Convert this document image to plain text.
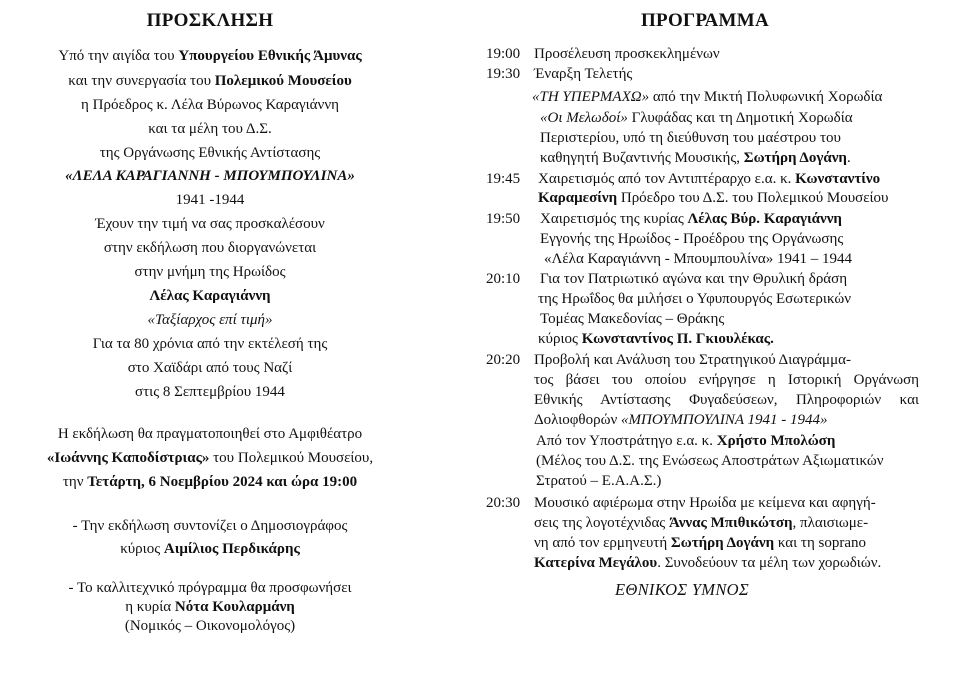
ΠΡΟΣΚΛΗΣΗ
Υπό την αιγίδα του Υπουργείου Εθνικής Άμυνας
και την συνεργασία του Πολεμικού Μουσείου
η Πρόεδρος κ. Λέλα Βύρωνος Καραγιάννη
και τα μέλη του Δ.Σ.
της Οργάνωσης Εθνικής Αντίστασης
«ΛΕΛΑ ΚΑΡΑΓΙΑΝΝΗ - ΜΠΟΥΜΠΟΥΛΙΝΑ»
1941 -1944
Έχουν την τιμή να σας προσκαλέσουν
στην εκδήλωση που διοργανώνεται
στην μνήμη της Ηρωίδος
Λέλας Καραγιάννη
«Ταξίαρχος επί τιμή»
Για τα 80 χρόνια από την εκτέλεσή της
στο Χαϊδάρι από τους Ναζί
στις 8 Σεπτεμβρίου 1944
Η εκδήλωση θα πραγματοποιηθεί στο Αμφιθέατρο
«Ιωάννης Καποδίστριας» του Πολεμικού Μουσείου,
την Τετάρτη, 6 Νοεμβρίου 2024 και ώρα 19:00
- Την εκδήλωση συντονίζει ο Δημοσιογράφος
κύριος Αιμίλιος Περδικάρης
- Το καλλιτεχνικό πρόγραμμα θα προσφωνήσει
η κυρία Νότα Κουλαρμάνη
(Νομικός – Οικονομολόγος)
ΠΡΟΓΡΑΜΜΑ
19:00 Προσέλευση προσκεκλημένων
19:30 Έναρξη Τελετής
«ΤΗ ΥΠΕΡΜΑΧΩ» από την Μικτή Πολυφωνική Χορωδία
«Οι Μελωδοί» Γλυφάδας και τη Δημοτική Χορωδία
Περιστερίου, υπό τη διεύθυνση του μαέστρου του
καθηγητή Βυζαντινής Μουσικής, Σωτήρη Δογάνη.
19:45 Χαιρετισμός από τον Αντιπτέραρχο ε.α. κ. Κωνσταντίνο
Καραμεσίνη Πρόεδρο του Δ.Σ. του Πολεμικού Μουσείου
19:50 Χαιρετισμός της κυρίας Λέλας Βύρ. Καραγιάννη
Εγγονής της Ηρωίδος - Προέδρου της Οργάνωσης
«Λέλα Καραγιάννη - Μπουμπουλίνα» 1941 – 1944
20:10 Για τον Πατριωτικό αγώνα και την Θρυλική δράση
της Ηρωΐδος θα μιλήσει ο Υφυπουργός Εσωτερικών
Τομέας Μακεδονίας – Θράκης
κύριος Κωνσταντίνος Π. Γκιουλέκας.
20:20 Προβολή και Ανάλυση του Στρατηγικού Διαγράμμα-
τος βάσει του οποίου ενήργησε η Ιστορική Οργάνωση
Εθνικής Αντίστασης Φυγαδεύσεων, Πληροφοριών και
Δολιοφθορών «ΜΠΟΥΜΠΟΥΛΙΝΑ 1941 - 1944»
Από τον Υποστράτηγο ε.α. κ. Χρήστο Μπολώση
(Μέλος του Δ.Σ. της Ενώσεως Αποστράτων Αξιωματικών
Στρατού – Ε.Α.Α.Σ.)
20:30 Μουσικό αφιέρωμα στην Ηρωίδα με κείμενα και αφηγή-
σεις της λογοτέχνιδας Άννας Μπιθικώτση, πλαισιωμε-
νη από τον ερμηνευτή Σωτήρη Δογάνη και τη soprano
Κατερίνα Μεγάλου. Συνοδεύουν τα μέλη των χορωδιών.
ΕΘΝΙΚΟΣ ΥΜΝΟΣ
